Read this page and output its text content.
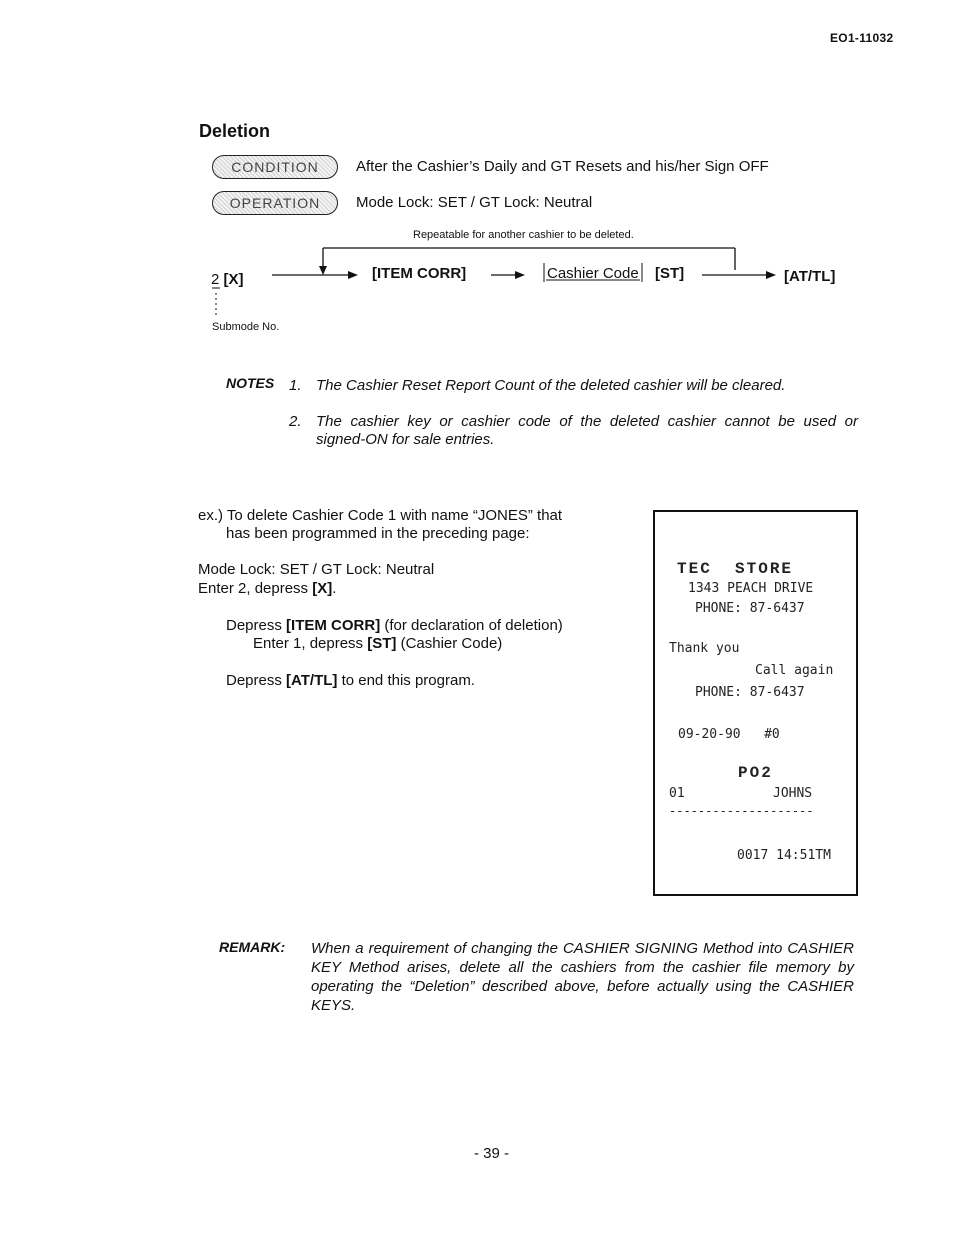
EO1-11032
Deletion
CONDITION	After the Cashier’s Daily and GT Resets and his/her Sign OFF
OPERATION	Mode Lock: SET / GT Lock: Neutral
Repeatable for another cashier to be deleted.
2 [X]	[ITEM CORR]	Cashier Code [ST]	[AT/TL]
Submode No.
NOTES 1. The Cashier Reset Report Count of the deleted cashier will be cleared.
2. The cashier key or cashier code of the deleted cashier cannot be used or
signed-ON for sale entries.
ex.) To delete Cashier Code 1 with name “JONES” that
has been programmed in the preceding page:
Mode Lock: SET / GT Lock: Neutral
Enter 2, depress [X].
Depress [ITEM CORR] (for declaration of deletion)
Enter 1, depress [ST] (Cashier Code)
Depress [AT/TL] to end this program.
TEC  STORE
1343 PEACH DRIVE
PHONE: 87-6437
Thank you
Call again
PHONE: 87-6437
09-20-90   #0
PO2
01	JOHNS
--------------------
0017 14:51TM
REMARK: When a requirement of changing the CASHIER SIGNING Method into CASHIER KEY Method arises, delete all the cashiers from the cashier file memory by operating the “Deletion” described above, before actually using the CASHIER KEYS.
- 39 -
